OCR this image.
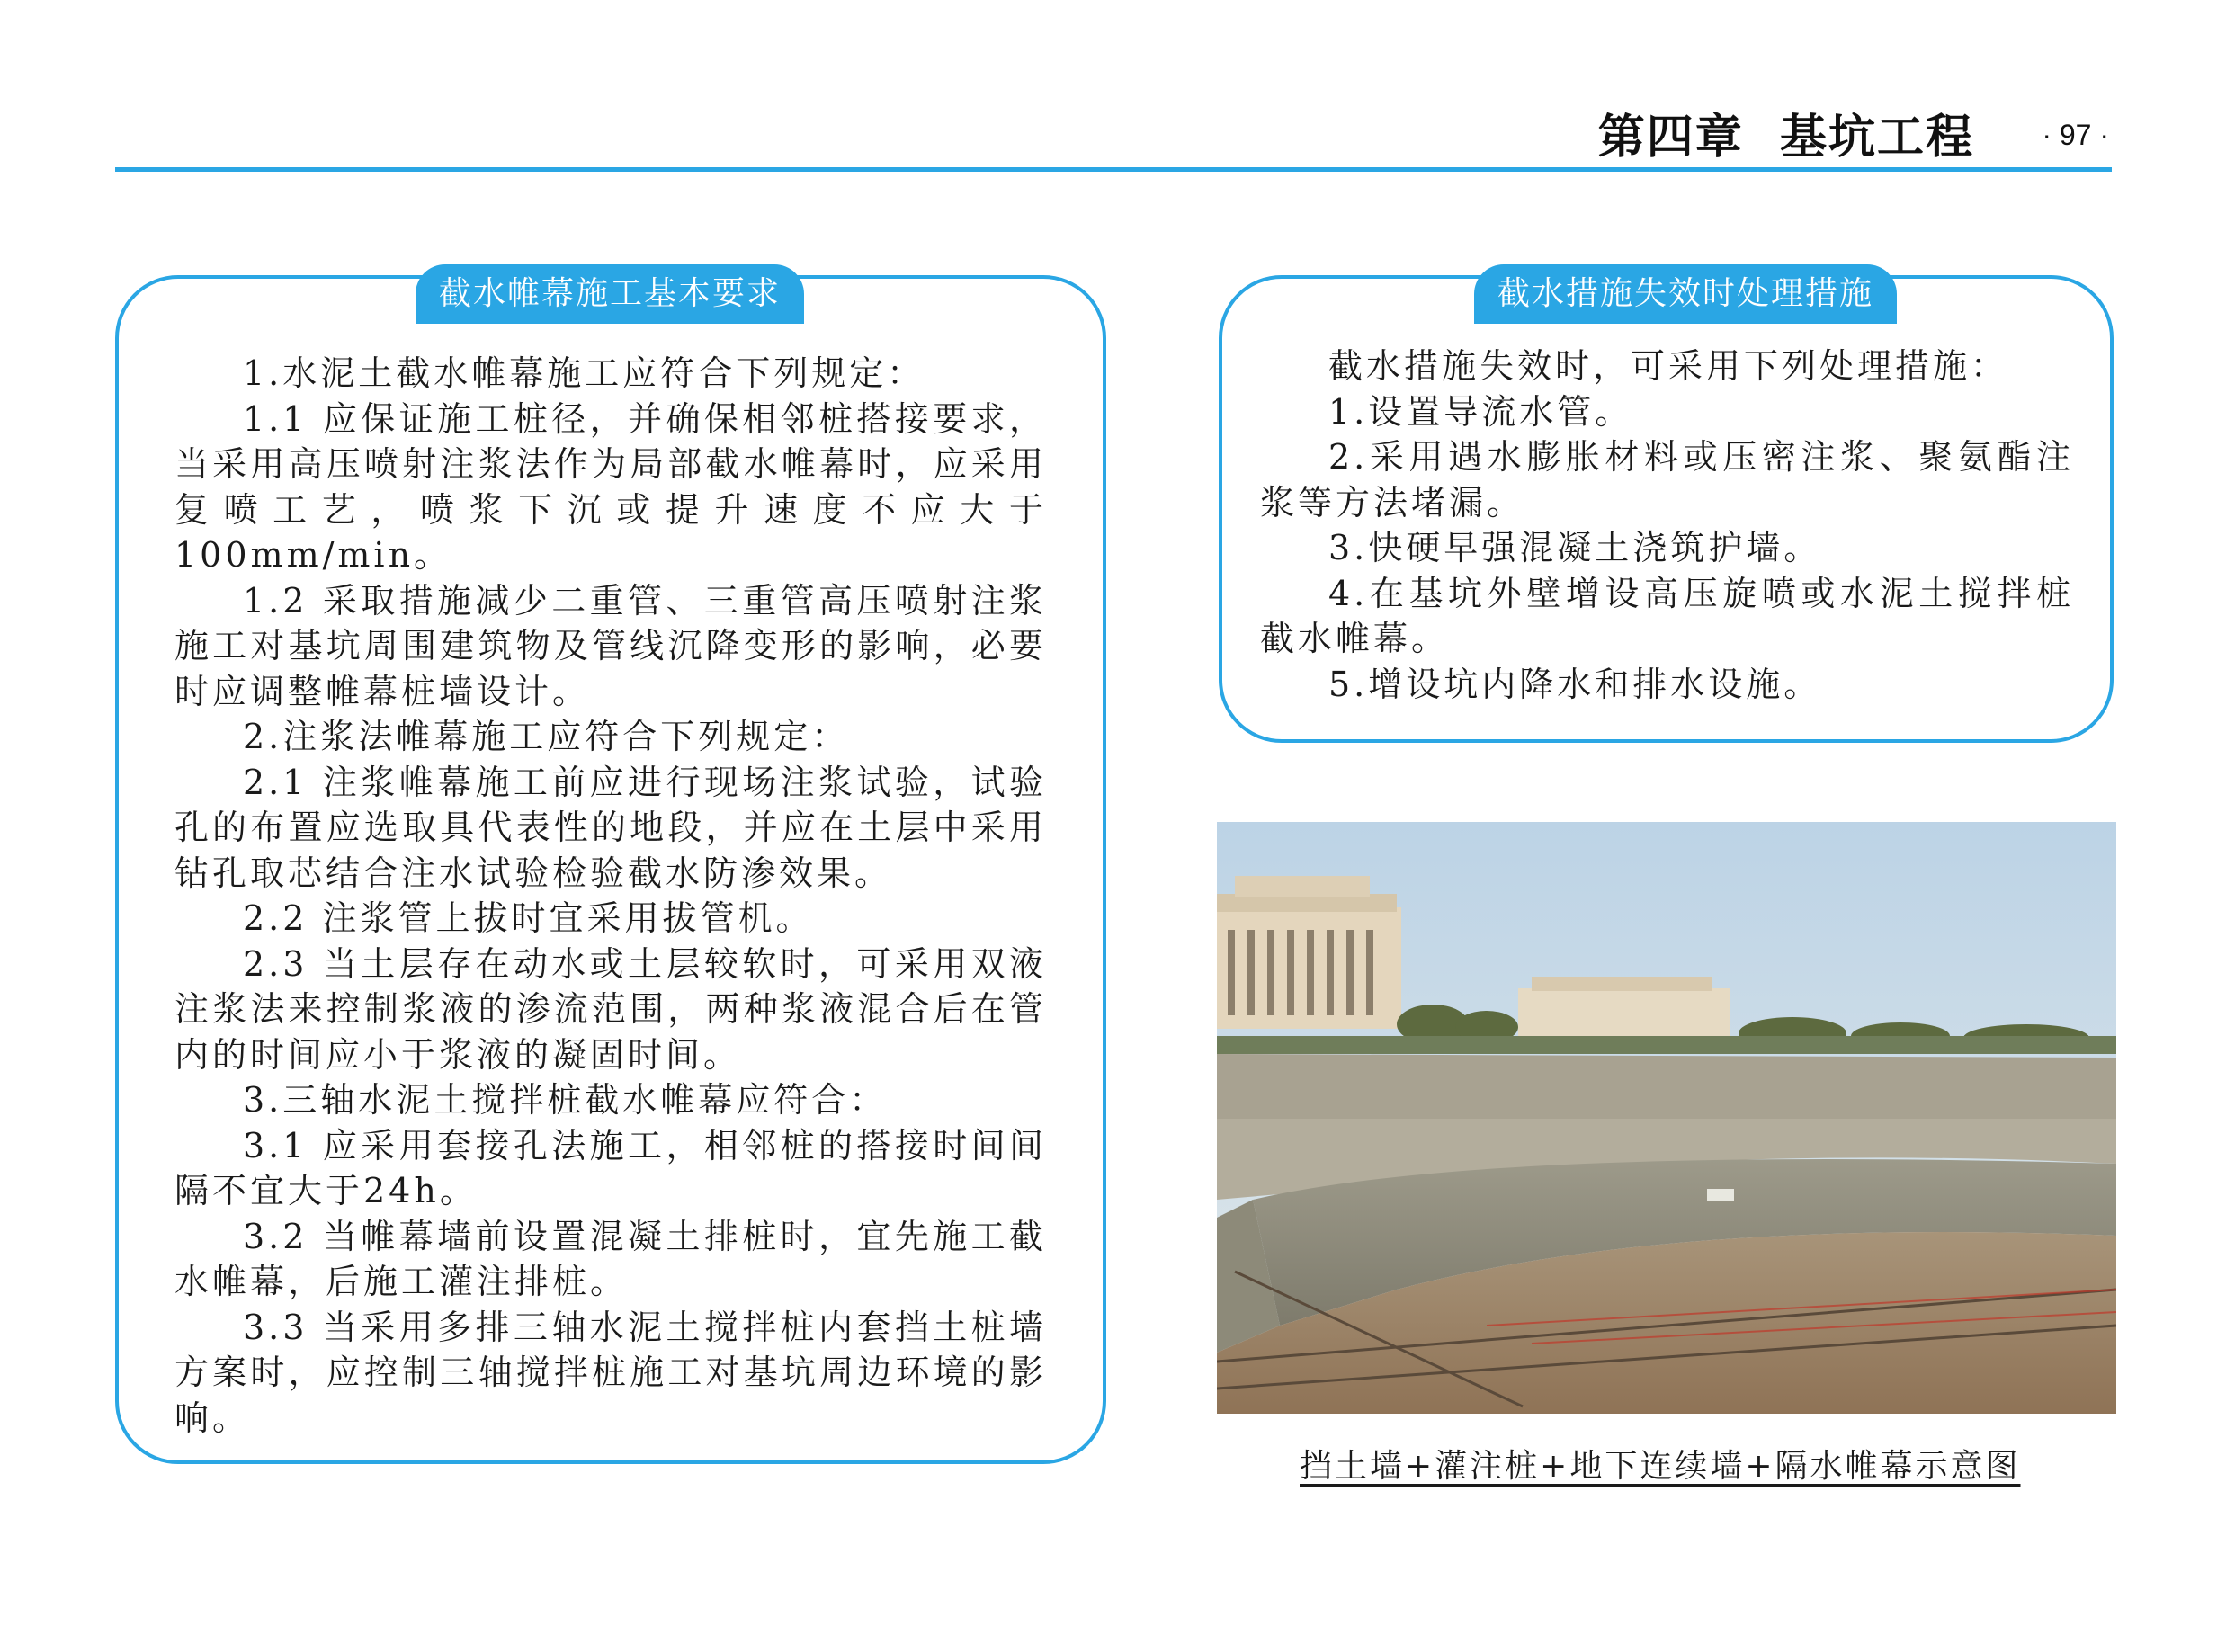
第四章 基坑工程 · 97 ·
截水帷幕施工基本要求

1.水泥土截水帷幕施工应符合下列规定：

1.1 应保证施工桩径，并确保相邻桩搭接要求，当采用高压喷射注浆法作为局部截水帷幕时，应采用复喷工艺，喷浆下沉或提升速度不应大于100mm/min。

1.2 采取措施减少二重管、三重管高压喷射注浆施工对基坑周围建筑物及管线沉降变形的影响，必要时应调整帷幕桩墙设计。

2.注浆法帷幕施工应符合下列规定：

2.1 注浆帷幕施工前应进行现场注浆试验，试验孔的布置应选取具代表性的地段，并应在土层中采用钻孔取芯结合注水试验检验截水防渗效果。

2.2 注浆管上拔时宜采用拔管机。

2.3 当土层存在动水或土层较软时，可采用双液注浆法来控制浆液的渗流范围，两种浆液混合后在管内的时间应小于浆液的凝固时间。

3.三轴水泥土搅拌桩截水帷幕应符合：

3.1 应采用套接孔法施工，相邻桩的搭接时间间隔不宜大于24h。

3.2 当帷幕墙前设置混凝土排桩时，宜先施工截水帷幕，后施工灌注排桩。

3.3 当采用多排三轴水泥土搅拌桩内套挡土桩墙方案时，应控制三轴搅拌桩施工对基坑周边环境的影响。

截水措施失效时处理措施

截水措施失效时，可采用下列处理措施：

1.设置导流水管。

2.采用遇水膨胀材料或压密注浆、聚氨酯注浆等方法堵漏。

3.快硬早强混凝土浇筑护墙。

4.在基坑外壁增设高压旋喷或水泥土搅拌桩截水帷幕。

5.增设坑内降水和排水设施。

挡土墙+灌注桩+地下连续墙+隔水帷幕示意图
